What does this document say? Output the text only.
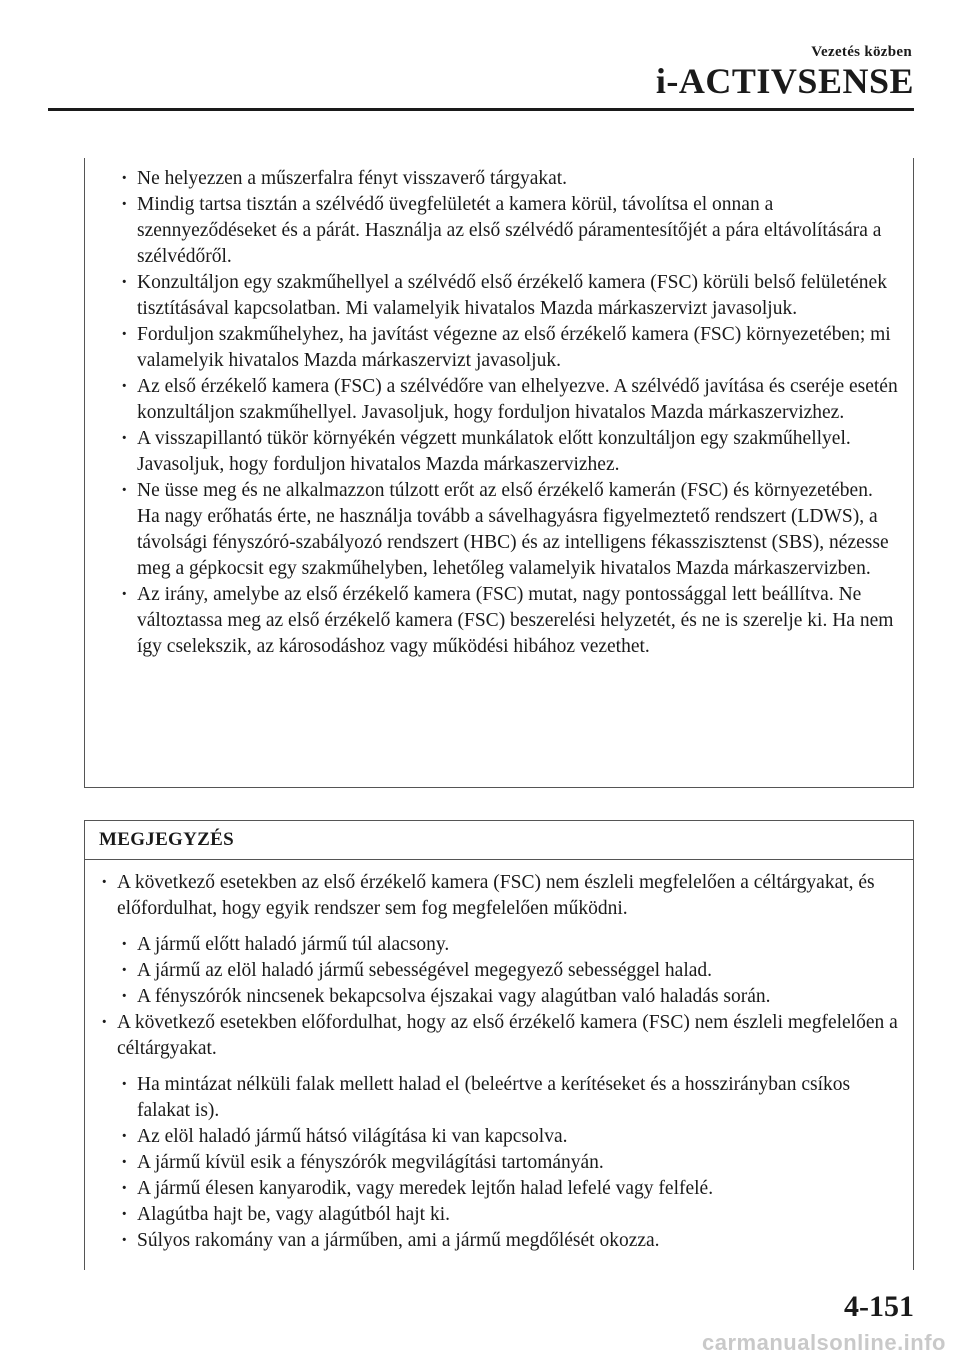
Vezetés közben
i-ACTIVSENSE
· Ne helyezzen a műszerfalra fényt visszaverő tárgyakat.
· Mindig tartsa tisztán a szélvédő üvegfelületét a kamera körül, távolítsa el onnan a szennyeződéseket és a párát. Használja az első szélvédő páramentesítőjét a pára eltávolítására a szélvédőről.
· Konzultáljon egy szakműhellyel a szélvédő első érzékelő kamera (FSC) körüli belső felületének tisztításával kapcsolatban. Mi valamelyik hivatalos Mazda márkaszervizt javasoljuk.
· Forduljon szakműhelyhez, ha javítást végezne az első érzékelő kamera (FSC) környezetében; mi valamelyik hivatalos Mazda márkaszervizt javasoljuk.
· Az első érzékelő kamera (FSC) a szélvédőre van elhelyezve. A szélvédő javítása és cseréje esetén konzultáljon szakműhellyel. Javasoljuk, hogy forduljon hivatalos Mazda márkaszervizhez.
· A visszapillantó tükör környékén végzett munkálatok előtt konzultáljon egy szakműhellyel. Javasoljuk, hogy forduljon hivatalos Mazda márkaszervizhez.
· Ne üsse meg és ne alkalmazzon túlzott erőt az első érzékelő kamerán (FSC) és környezetében. Ha nagy erőhatás érte, ne használja tovább a sávelhagyásra figyelmeztető rendszert (LDWS), a távolsági fényszóró-szabályozó rendszert (HBC) és az intelligens fékasszisztenst (SBS), nézesse meg a gépkocsit egy szakműhelyben, lehetőleg valamelyik hivatalos Mazda márkaszervizben.
· Az irány, amelybe az első érzékelő kamera (FSC) mutat, nagy pontossággal lett beállítva. Ne változtassa meg az első érzékelő kamera (FSC) beszerelési helyzetét, és ne is szerelje ki. Ha nem így cselekszik, az károsodáshoz vagy működési hibához vezethet.
MEGJEGYZÉS
· A következő esetekben az első érzékelő kamera (FSC) nem észleli megfelelően a céltárgyakat, és előfordulhat, hogy egyik rendszer sem fog megfelelően működni.
· A jármű előtt haladó jármű túl alacsony.
· A jármű az elöl haladó jármű sebességével megegyező sebességgel halad.
· A fényszórók nincsenek bekapcsolva éjszakai vagy alagútban való haladás során.
· A következő esetekben előfordulhat, hogy az első érzékelő kamera (FSC) nem észleli megfelelően a céltárgyakat.
· Ha mintázat nélküli falak mellett halad el (beleértve a kerítéseket és a hosszirányban csíkos falakat is).
· Az elöl haladó jármű hátsó világítása ki van kapcsolva.
· A jármű kívül esik a fényszórók megvilágítási tartományán.
· A jármű élesen kanyarodik, vagy meredek lejtőn halad lefelé vagy felfelé.
· Alagútba hajt be, vagy alagútból hajt ki.
· Súlyos rakomány van a járműben, ami a jármű megdőlését okozza.
4-151
carmanualsonline.info
